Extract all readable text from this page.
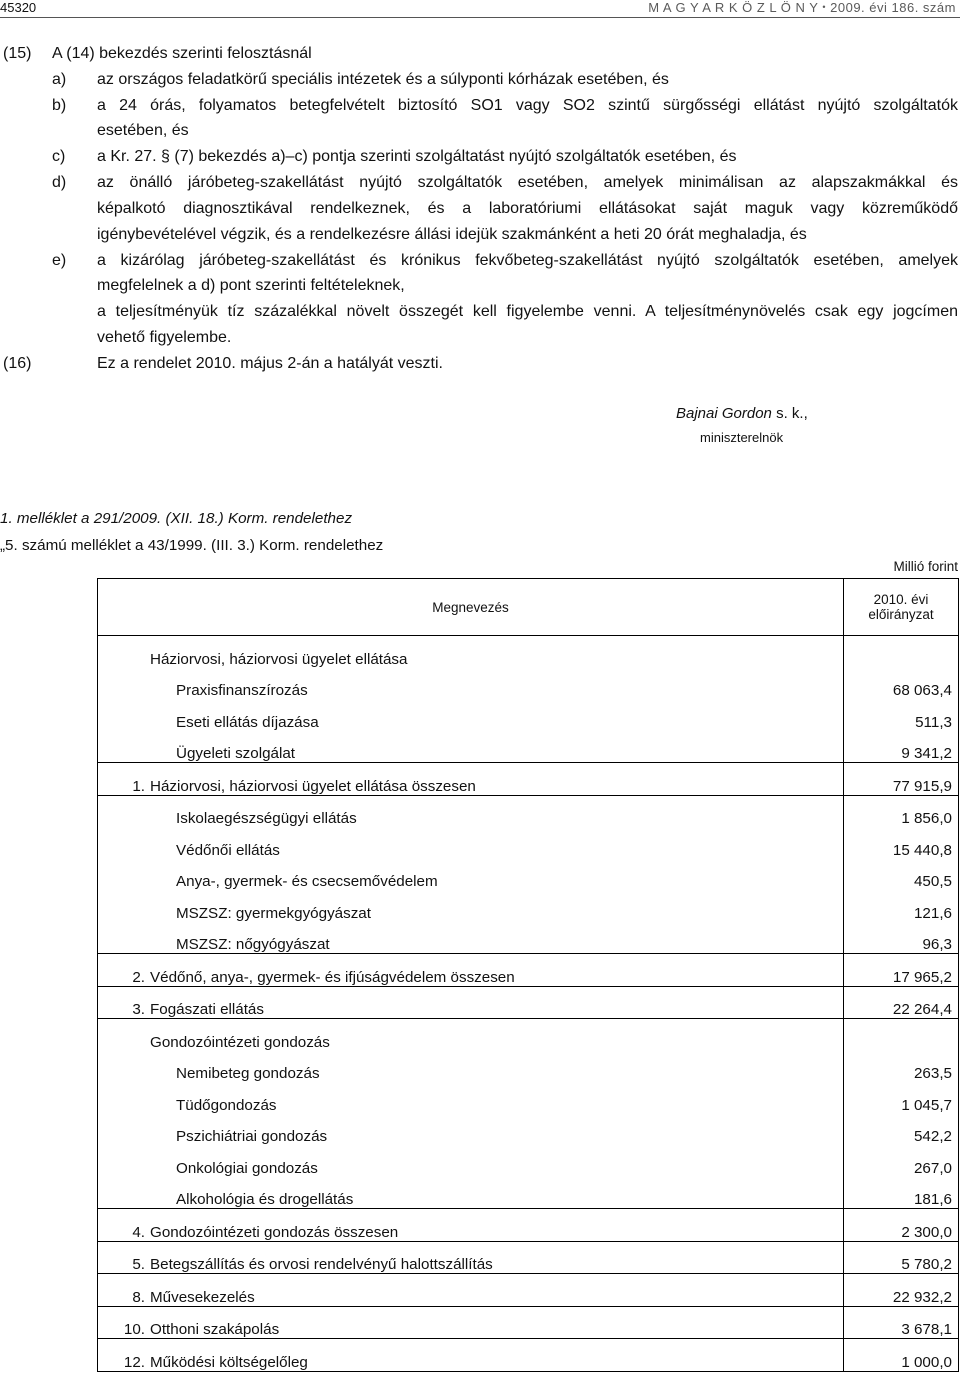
45320	M A G Y A R K Ö Z L Ö N Y • 2009. évi 186. szám
(15) A (14) bekezdés szerinti felosztásnál
a) az országos feladatkörű speciális intézetek és a súlyponti kórházak esetében, és
b) a 24 órás, folyamatos betegfelvételt biztosító SO1 vagy SO2 szintű sürgősségi ellátást nyújtó szolgáltatók
esetében, és
c) a Kr. 27. § (7) bekezdés a)–c) pontja szerinti szolgáltatást nyújtó szolgáltatók esetében, és
d) az önálló járóbeteg-szakellátást nyújtó szolgáltatók esetében, amelyek minimálisan az alapszakmákkal és
képalkotó diagnosztikával rendelkeznek, és a laboratóriumi ellátásokat saját maguk vagy közreműködő
igénybevételével végzik, és a rendelkezésre állási idejük szakmánként a heti 20 órát meghaladja, és
e) a kizárólag járóbeteg-szakellátást és krónikus fekvőbeteg-szakellátást nyújtó szolgáltatók esetében, amelyek
megfelelnek a d) pont szerinti feltételeknek,
a teljesítményük tíz százalékkal növelt összegét kell figyelembe venni. A teljesítménynövelés csak egy jogcímen
vehető figyelembe.
(16)	Ez a rendelet 2010. május 2-án a hatályát veszti.
Bajnai Gordon s. k.,
miniszterelnök
1. melléklet a 291/2009. (XII. 18.) Korm. rendelethez
„5. számú melléklet a 43/1999. (III. 3.) Korm. rendelethez
Millió forint
Megnevezés		2010. évi
előirányzat
	Háziorvosi, háziorvosi ügyelet ellátása	
	Praxisfinanszírozás	68 063,4
	Eseti ellátás díjazása	511,3
	Ügyeleti szolgálat	9 341,2
1.	Háziorvosi, háziorvosi ügyelet ellátása összesen	77 915,9
	Iskolaegészségügyi ellátás	1 856,0
	Védőnői ellátás	15 440,8
	Anya-, gyermek- és csecsemővédelem	450,5
	MSZSZ: gyermekgyógyászat	121,6
	MSZSZ: nőgyógyászat	96,3
2.	Védőnő, anya-, gyermek- és ifjúságvédelem összesen	17 965,2
3.	Fogászati ellátás	22 264,4
	Gondozóintézeti gondozás	
	Nemibeteg gondozás	263,5
	Tüdőgondozás	1 045,7
	Pszichiátriai gondozás	542,2
	Onkológiai gondozás	267,0
	Alkohológia és drogellátás	181,6
4.	Gondozóintézeti gondozás összesen	2 300,0
5.	Betegszállítás és orvosi rendelvényű halottszállítás	5 780,2
8.	Művesekezelés	22 932,2
10.	Otthoni szakápolás	3 678,1
12.	Működési költségelőleg	1 000,0
